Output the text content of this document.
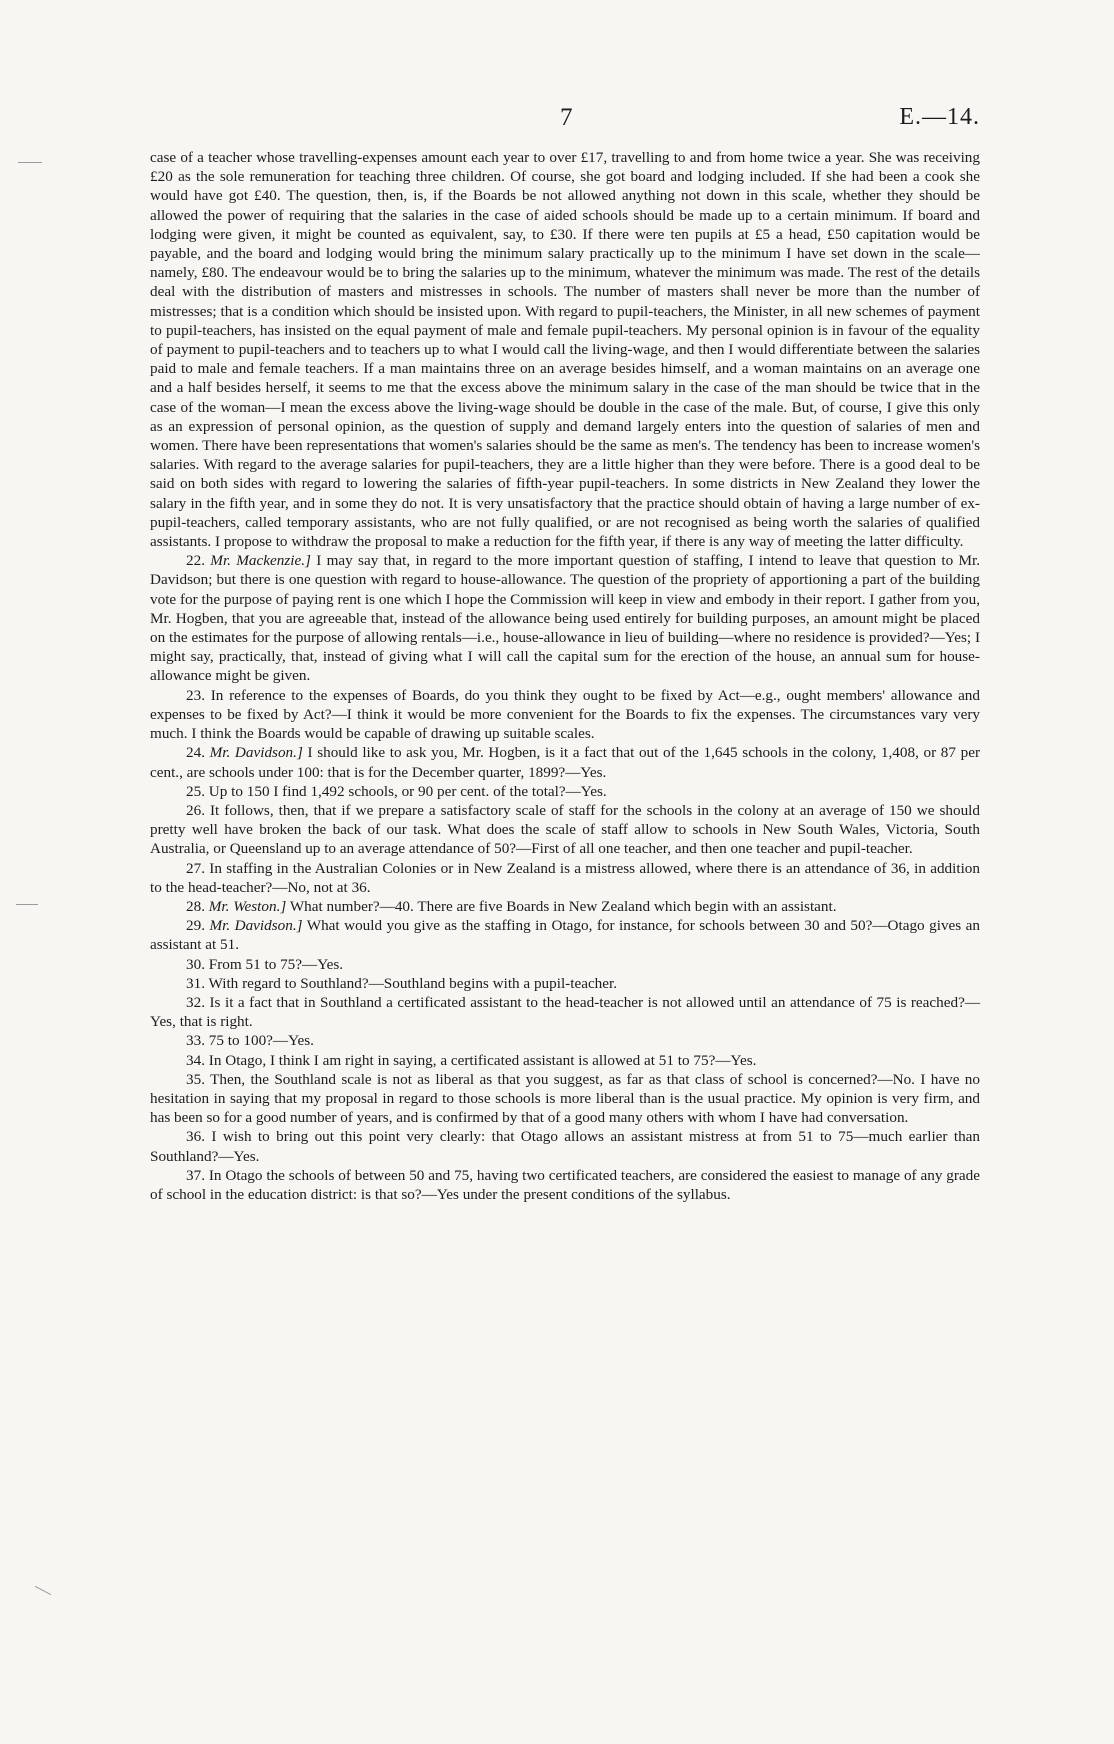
7	E.—14.

case of a teacher whose travelling-expenses amount each year to over £17, travelling to and from home twice a year. She was receiving £20 as the sole remuneration for teaching three children. Of course, she got board and lodging included. If she had been a cook she would have got £40. The question, then, is, if the Boards be not allowed anything not down in this scale, whether they should be allowed the power of requiring that the salaries in the case of aided schools should be made up to a certain minimum. If board and lodging were given, it might be counted as equivalent, say, to £30. If there were ten pupils at £5 a head, £50 capitation would be payable, and the board and lodging would bring the minimum salary practically up to the minimum I have set down in the scale—namely, £80. The endeavour would be to bring the salaries up to the minimum, whatever the minimum was made. The rest of the details deal with the distribution of masters and mistresses in schools. The number of masters shall never be more than the number of mistresses; that is a condition which should be insisted upon. With regard to pupil-teachers, the Minister, in all new schemes of payment to pupil-teachers, has insisted on the equal payment of male and female pupil-teachers. My personal opinion is in favour of the equality of payment to pupil-teachers and to teachers up to what I would call the living-wage, and then I would differentiate between the salaries paid to male and female teachers. If a man maintains three on an average besides himself, and a woman maintains on an average one and a half besides herself, it seems to me that the excess above the minimum salary in the case of the man should be twice that in the case of the woman—I mean the excess above the living-wage should be double in the case of the male. But, of course, I give this only as an expression of personal opinion, as the question of supply and demand largely enters into the question of salaries of men and women. There have been representations that women's salaries should be the same as men's. The tendency has been to increase women's salaries. With regard to the average salaries for pupil-teachers, they are a little higher than they were before. There is a good deal to be said on both sides with regard to lowering the salaries of fifth-year pupil-teachers. In some districts in New Zealand they lower the salary in the fifth year, and in some they do not. It is very unsatisfactory that the practice should obtain of having a large number of ex-pupil-teachers, called temporary assistants, who are not fully qualified, or are not recognised as being worth the salaries of qualified assistants. I propose to withdraw the proposal to make a reduction for the fifth year, if there is any way of meeting the latter difficulty.

22. Mr. Mackenzie.] I may say that, in regard to the more important question of staffing, I intend to leave that question to Mr. Davidson; but there is one question with regard to house-allowance. The question of the propriety of apportioning a part of the building vote for the purpose of paying rent is one which I hope the Commission will keep in view and embody in their report. I gather from you, Mr. Hogben, that you are agreeable that, instead of the allowance being used entirely for building purposes, an amount might be placed on the estimates for the purpose of allowing rentals—i.e., house-allowance in lieu of building—where no residence is provided?—Yes; I might say, practically, that, instead of giving what I will call the capital sum for the erection of the house, an annual sum for house-allowance might be given.

23. In reference to the expenses of Boards, do you think they ought to be fixed by Act—e.g., ought members' allowance and expenses to be fixed by Act?—I think it would be more convenient for the Boards to fix the expenses. The circumstances vary very much. I think the Boards would be capable of drawing up suitable scales.

24. Mr. Davidson.] I should like to ask you, Mr. Hogben, is it a fact that out of the 1,645 schools in the colony, 1,408, or 87 per cent., are schools under 100: that is for the December quarter, 1899?—Yes.

25. Up to 150 I find 1,492 schools, or 90 per cent. of the total?—Yes.

26. It follows, then, that if we prepare a satisfactory scale of staff for the schools in the colony at an average of 150 we should pretty well have broken the back of our task. What does the scale of staff allow to schools in New South Wales, Victoria, South Australia, or Queensland up to an average attendance of 50?—First of all one teacher, and then one teacher and pupil-teacher.

27. In staffing in the Australian Colonies or in New Zealand is a mistress allowed, where there is an attendance of 36, in addition to the head-teacher?—No, not at 36.

28. Mr. Weston.] What number?—40. There are five Boards in New Zealand which begin with an assistant.

29. Mr. Davidson.] What would you give as the staffing in Otago, for instance, for schools between 30 and 50?—Otago gives an assistant at 51.

30. From 51 to 75?—Yes.

31. With regard to Southland?—Southland begins with a pupil-teacher.

32. Is it a fact that in Southland a certificated assistant to the head-teacher is not allowed until an attendance of 75 is reached?—Yes, that is right.

33. 75 to 100?—Yes.

34. In Otago, I think I am right in saying, a certificated assistant is allowed at 51 to 75?—Yes.

35. Then, the Southland scale is not as liberal as that you suggest, as far as that class of school is concerned?—No. I have no hesitation in saying that my proposal in regard to those schools is more liberal than is the usual practice. My opinion is very firm, and has been so for a good number of years, and is confirmed by that of a good many others with whom I have had conversation.

36. I wish to bring out this point very clearly: that Otago allows an assistant mistress at from 51 to 75—much earlier than Southland?—Yes.

37. In Otago the schools of between 50 and 75, having two certificated teachers, are considered the easiest to manage of any grade of school in the education district: is that so?—Yes under the present conditions of the syllabus.
